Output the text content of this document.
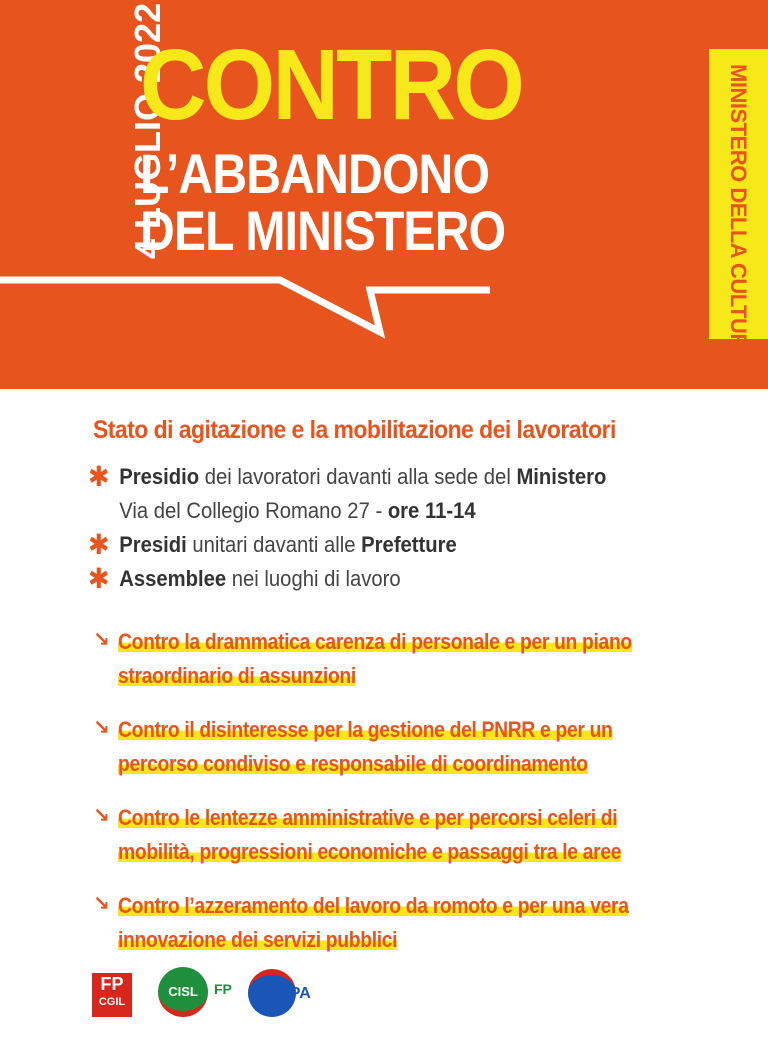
4 LUGLIO 2022
CONTRO
L’ABBANDONO
DEL MINISTERO	MINISTERO DELLA CULTURA
Stato di agitazione e la mobilitazione dei lavoratori
✱ Presidio dei lavoratori davanti alla sede del Ministero
Via del Collegio Romano 27 - ore 11-14
✱ Presidi unitari davanti alle Prefetture
✱ Assemblee nei luoghi di lavoro
↘ Contro la drammatica carenza di personale e per un piano
straordinario di assunzioni
↘ Contro il disinteresse per la gestione del PNRR e per un
percorso condiviso e responsabile di coordinamento
↘ Contro le lentezze amministrative e per percorsi celeri di
mobilità, progressioni economiche e passaggi tra le aree
↘ Contro l’azzeramento del lavoro da romoto e per una vera
innovazione dei servizi pubblici
FP
CGIL
CISL	FP UILPA
